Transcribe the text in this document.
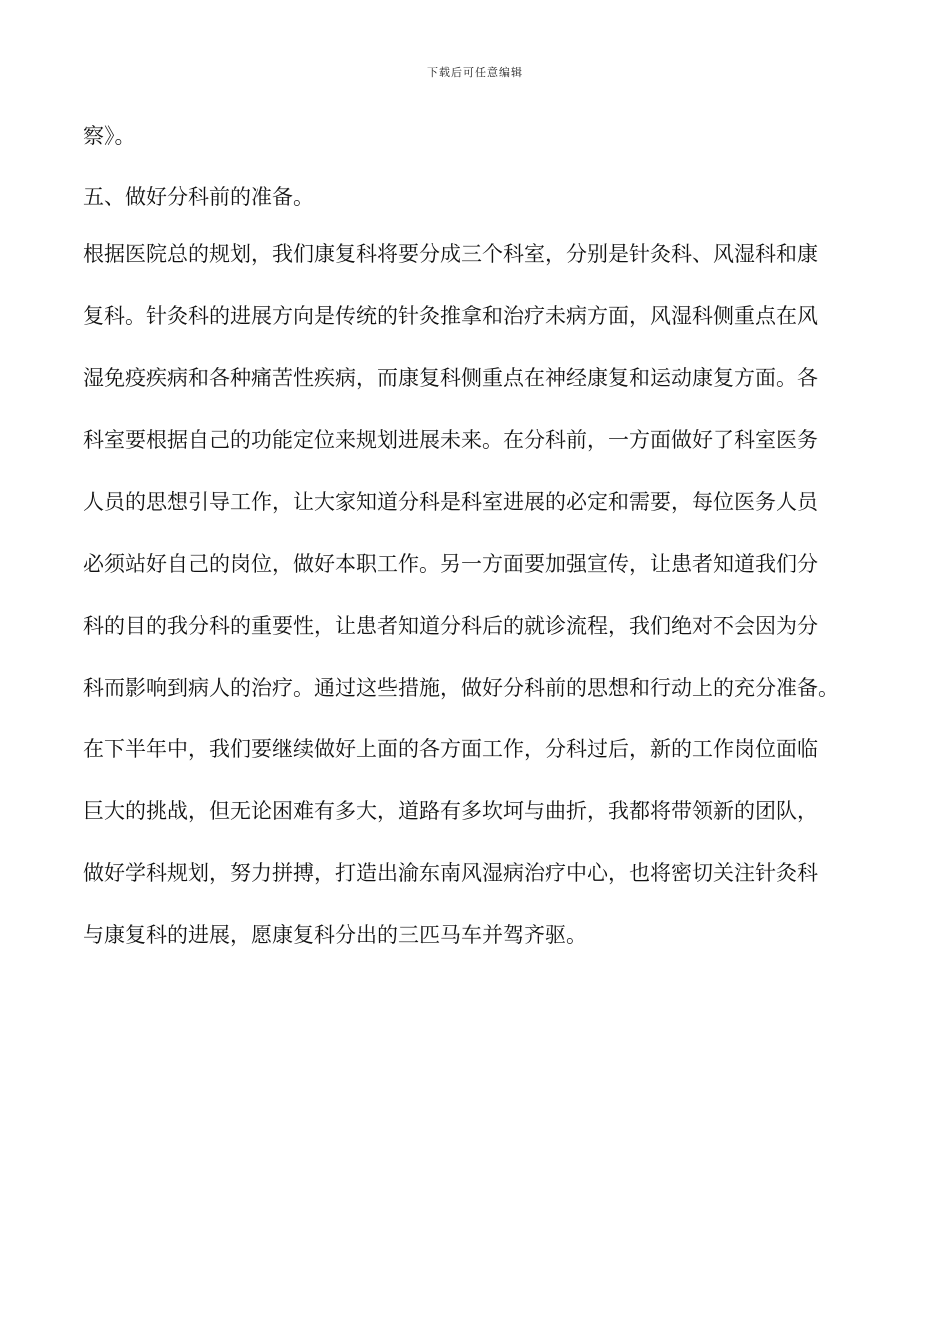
下载后可任意编辑
察》。
五、做好分科前的准备。
根据医院总的规划，我们康复科将要分成三个科室，分别是针灸科、风湿科和康
复科。针灸科的进展方向是传统的针灸推拿和治疗未病方面，风湿科侧重点在风
湿免疫疾病和各种痛苦性疾病，而康复科侧重点在神经康复和运动康复方面。各
科室要根据自己的功能定位来规划进展未来。在分科前，一方面做好了科室医务
人员的思想引导工作，让大家知道分科是科室进展的必定和需要，每位医务人员
必须站好自己的岗位，做好本职工作。另一方面要加强宣传，让患者知道我们分
科的目的我分科的重要性，让患者知道分科后的就诊流程，我们绝对不会因为分
科而影响到病人的治疗。通过这些措施，做好分科前的思想和行动上的充分准备。
在下半年中，我们要继续做好上面的各方面工作，分科过后，新的工作岗位面临
巨大的挑战，但无论困难有多大，道路有多坎坷与曲折，我都将带领新的团队，
做好学科规划，努力拼搏，打造出渝东南风湿病治疗中心，也将密切关注针灸科
与康复科的进展，愿康复科分出的三匹马车并驾齐驱。
